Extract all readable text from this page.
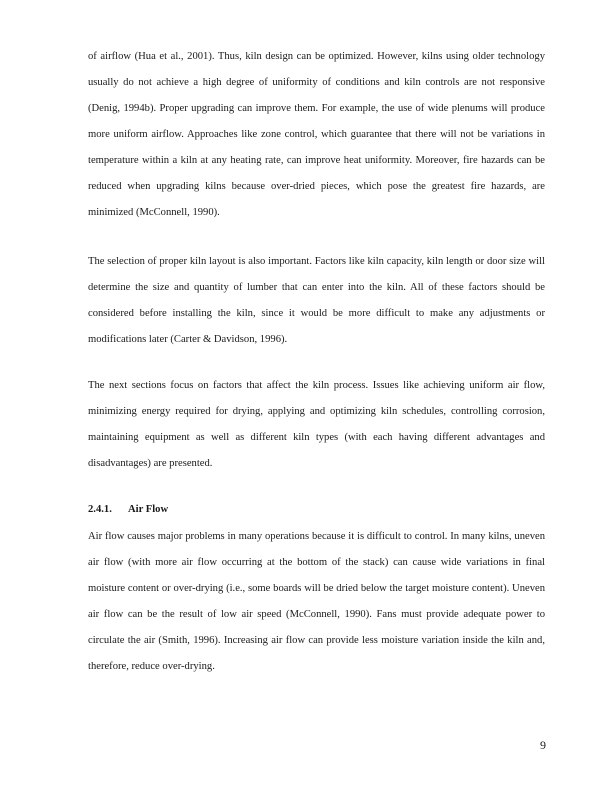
of airflow (Hua et al., 2001). Thus, kiln design can be optimized. However, kilns using older technology usually do not achieve a high degree of uniformity of conditions and kiln controls are not responsive (Denig, 1994b). Proper upgrading can improve them. For example, the use of wide plenums will produce more uniform airflow. Approaches like zone control, which guarantee that there will not be variations in temperature within a kiln at any heating rate, can improve heat uniformity. Moreover, fire hazards can be reduced when upgrading kilns because over-dried pieces, which pose the greatest fire hazards, are minimized (McConnell, 1990).

The selection of proper kiln layout is also important. Factors like kiln capacity, kiln length or door size will determine the size and quantity of lumber that can enter into the kiln. All of these factors should be considered before installing the kiln, since it would be more difficult to make any adjustments or modifications later (Carter & Davidson, 1996).

The next sections focus on factors that affect the kiln process. Issues like achieving uniform air flow, minimizing energy required for drying, applying and optimizing kiln schedules, controlling corrosion, maintaining equipment as well as different kiln types (with each having different advantages and disadvantages) are presented.

2.4.1. Air Flow

Air flow causes major problems in many operations because it is difficult to control. In many kilns, uneven air flow (with more air flow occurring at the bottom of the stack) can cause wide variations in final moisture content or over-drying (i.e., some boards will be dried below the target moisture content). Uneven air flow can be the result of low air speed (McConnell, 1990). Fans must provide adequate power to circulate the air (Smith, 1996). Increasing air flow can provide less moisture variation inside the kiln and, therefore, reduce over-drying.

9
